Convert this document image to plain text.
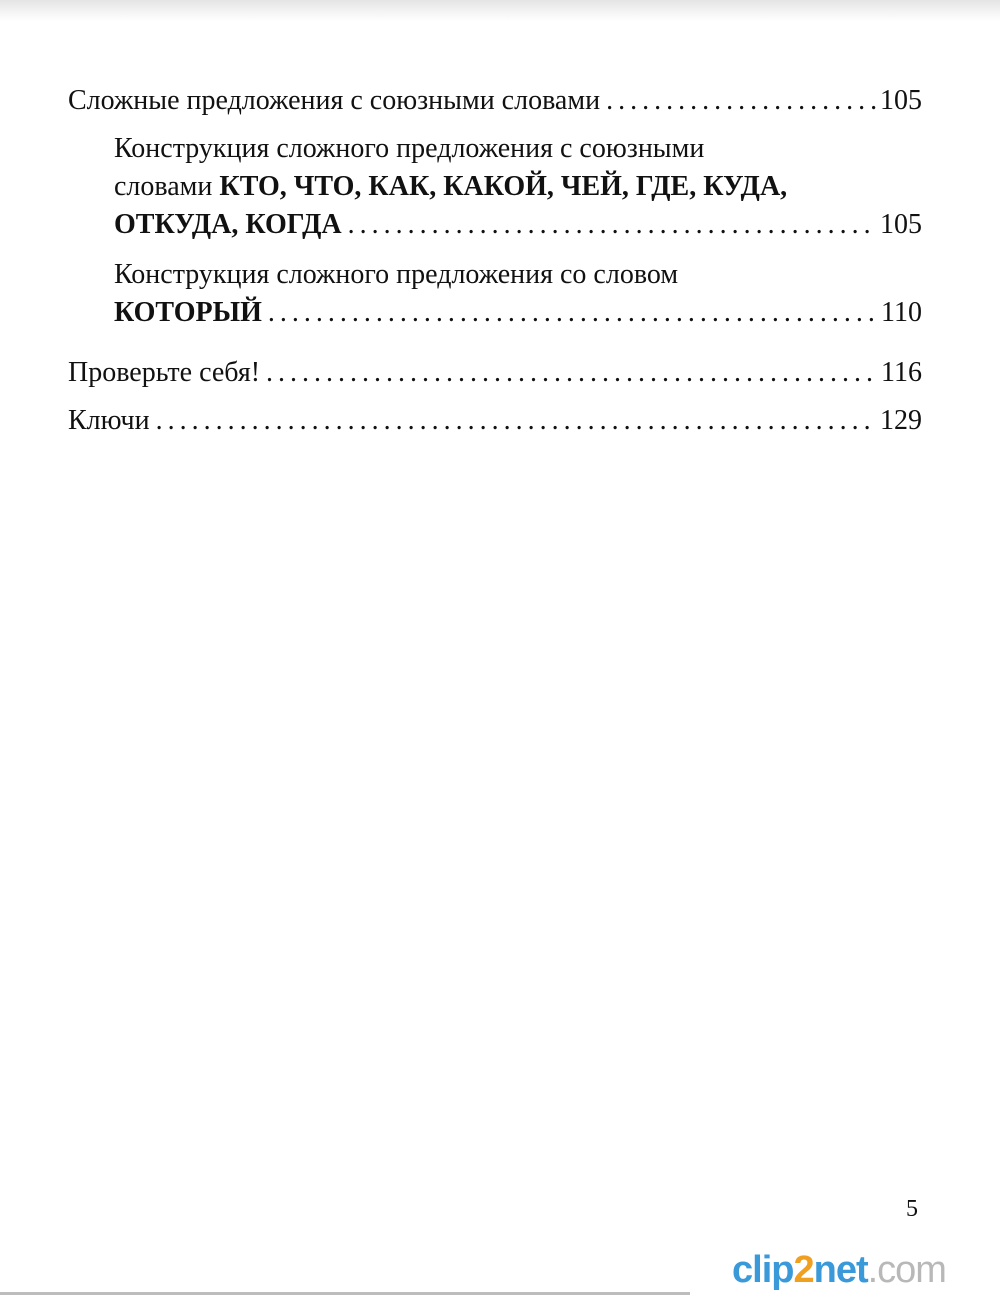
Сложные предложения с союзными словами . . .	105
Конструкция сложного предложения с союзными
словами КТО, ЧТО, КАК, КАКОЙ, ЧЕЙ, ГДЕ, КУДА,
ОТКУДА, КОГДА . . .	105
Конструкция сложного предложения со словом
КОТОРЫЙ . . .	110
Проверьте себя! . . .	116
Ключи . . .	129
5
clip2net.com
